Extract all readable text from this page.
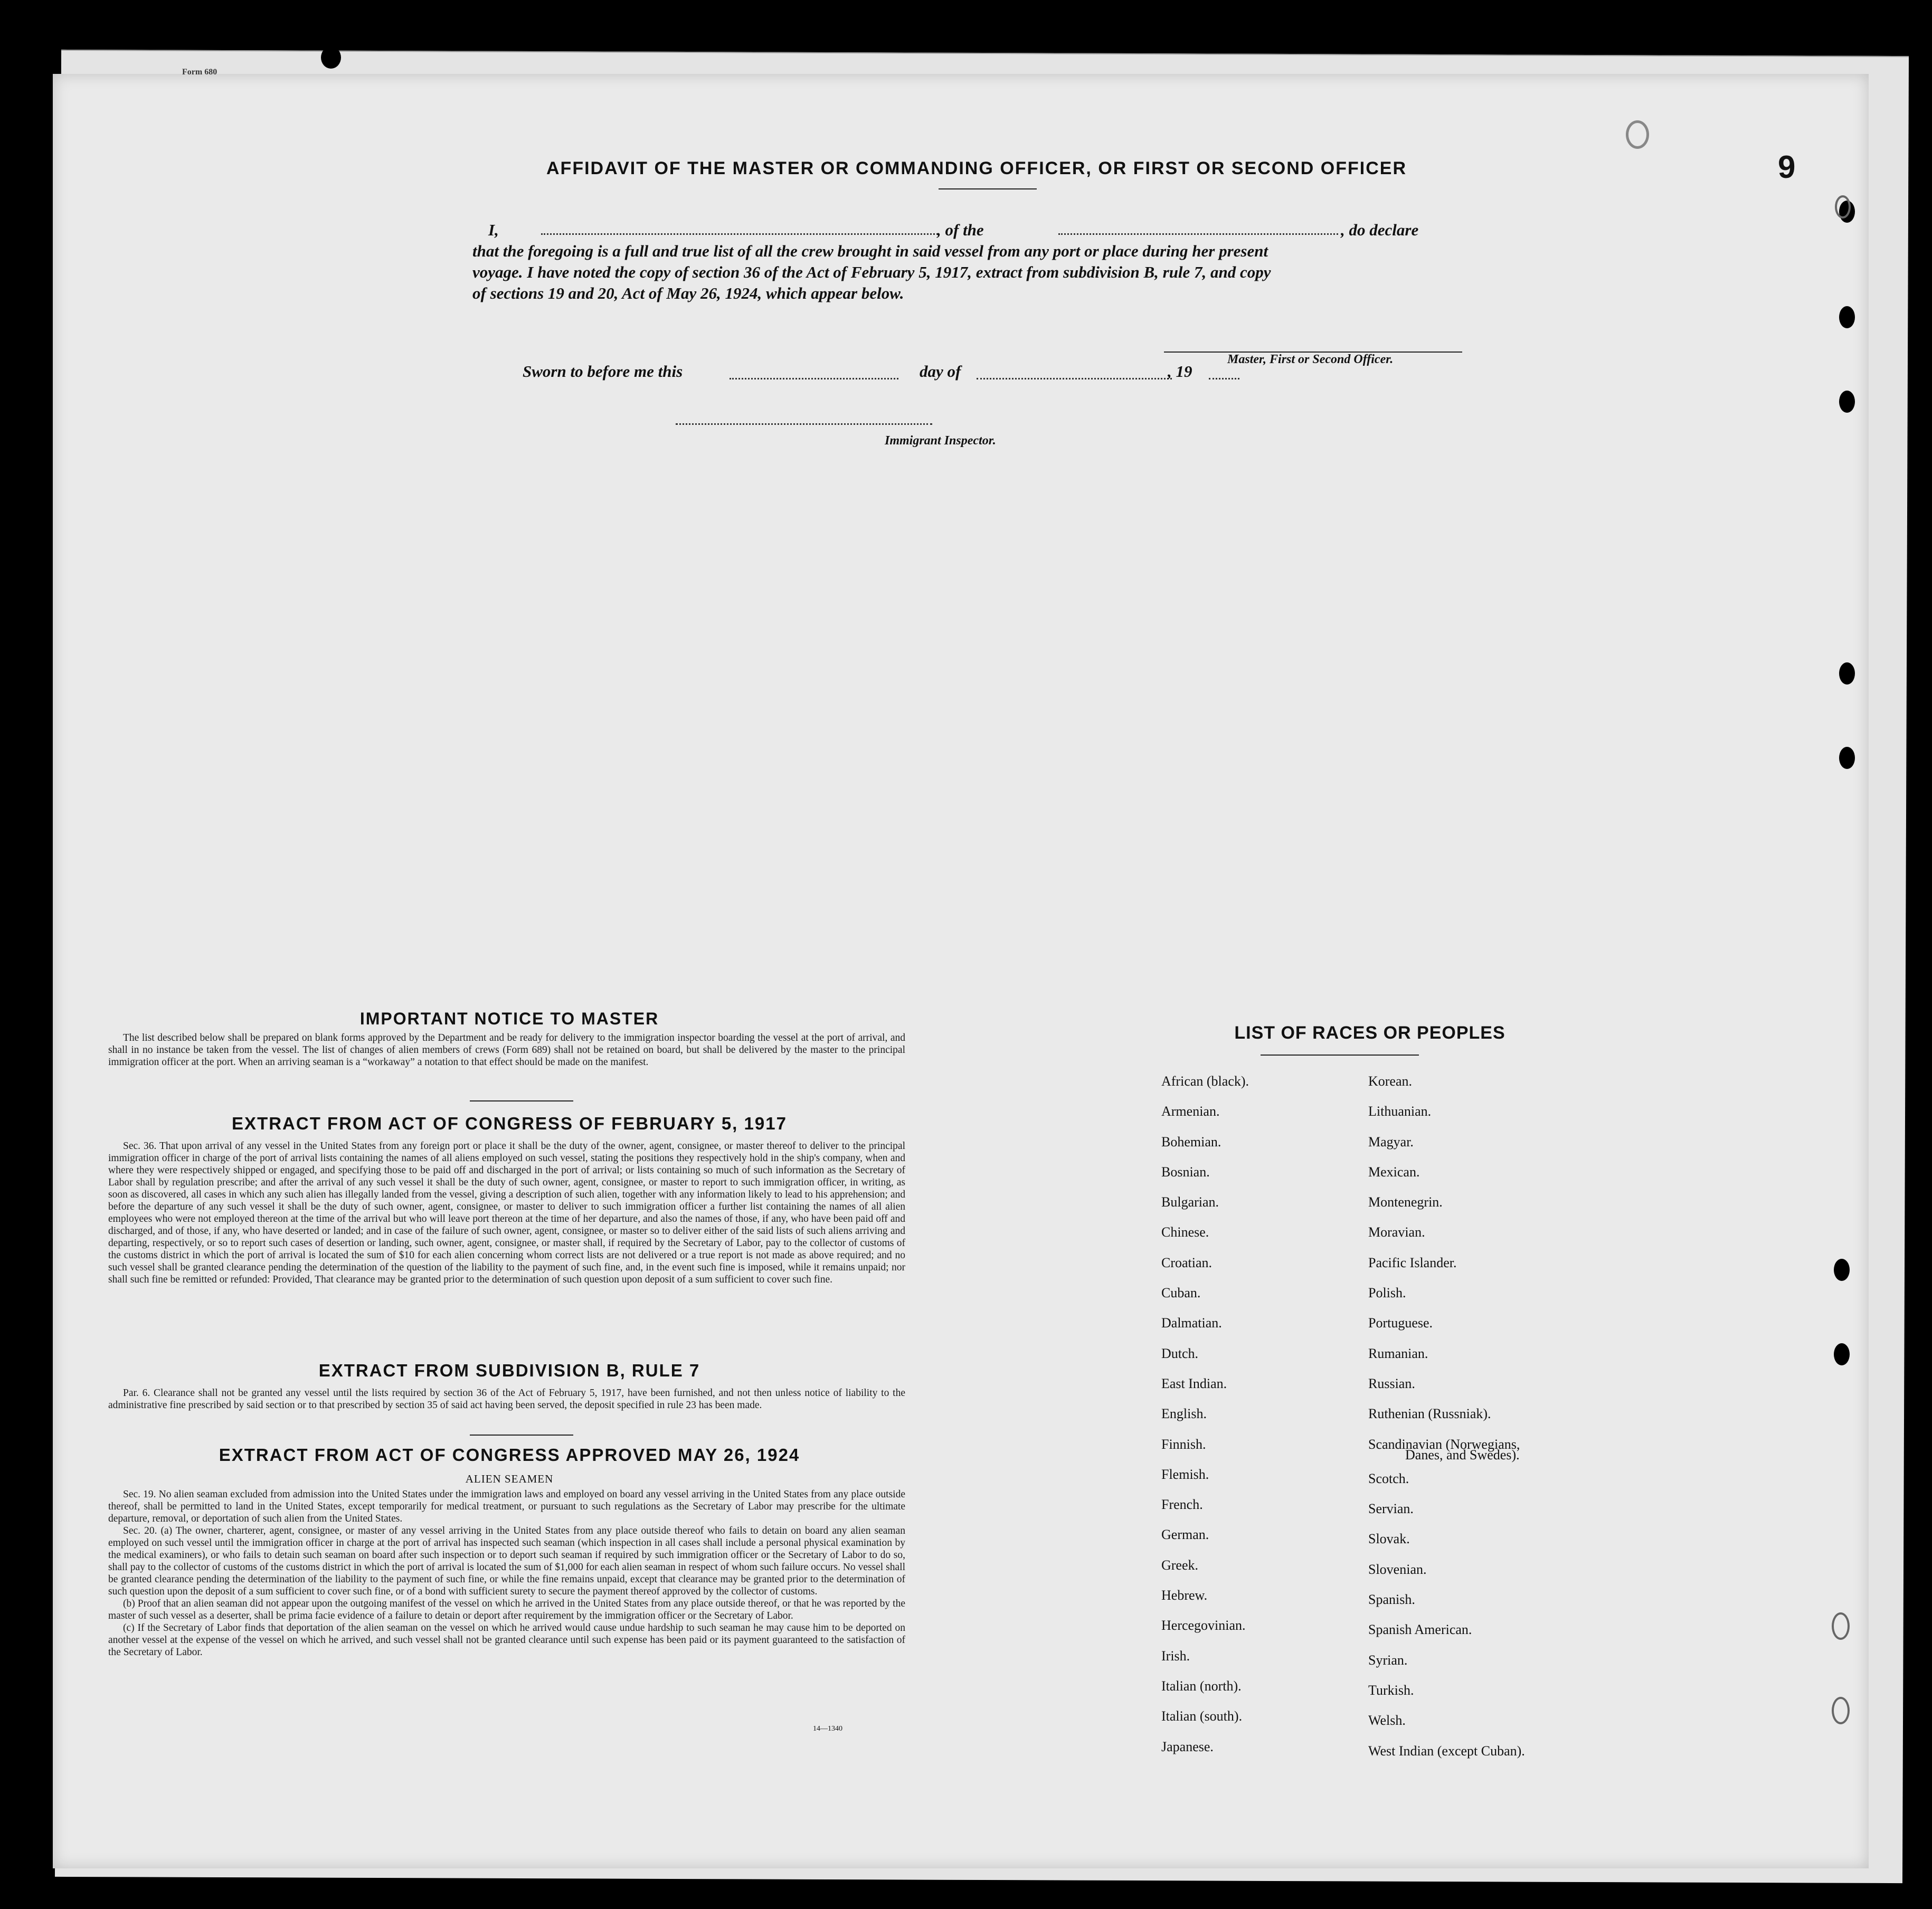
Form 680
9
AFFIDAVIT OF THE MASTER OR COMMANDING OFFICER, OR FIRST OR SECOND OFFICER
I,	, of the	, do declare
that the foregoing is a full and true list of all the crew brought in said vessel from any port or place during her present
voyage. I have noted the copy of section 36 of the Act of February 5, 1917, extract from subdivision B, rule 7, and copy
of sections 19 and 20, Act of May 26, 1924, which appear below.
Master, First or Second Officer.
Sworn to before me this	day of	, 19
Immigrant Inspector.
IMPORTANT NOTICE TO MASTER

The list described below shall be prepared on blank forms approved by the Department and be ready for delivery to the immigration inspector boarding the vessel at the port of arrival, and shall in no instance be taken from the vessel. The list of changes of alien members of crews (Form 689) shall not be retained on board, but shall be delivered by the master to the principal immigration officer at the port. When an arriving seaman is a “workaway” a notation to that effect should be made on the manifest.

EXTRACT FROM ACT OF CONGRESS OF FEBRUARY 5, 1917

Sec. 36. That upon arrival of any vessel in the United States from any foreign port or place it shall be the duty of the owner, agent, consignee, or master thereof to deliver to the principal immigration officer in charge of the port of arrival lists containing the names of all aliens employed on such vessel, stating the positions they respectively hold in the ship's company, when and where they were respectively shipped or engaged, and specifying those to be paid off and discharged in the port of arrival; or lists containing so much of such information as the Secretary of Labor shall by regulation prescribe; and after the arrival of any such vessel it shall be the duty of such owner, agent, consignee, or master to report to such immigration officer, in writing, as soon as discovered, all cases in which any such alien has illegally landed from the vessel, giving a description of such alien, together with any information likely to lead to his apprehension; and before the departure of any such vessel it shall be the duty of such owner, agent, consignee, or master to deliver to such immigration officer a further list containing the names of all alien employees who were not employed thereon at the time of the arrival but who will leave port thereon at the time of her departure, and also the names of those, if any, who have been paid off and discharged, and of those, if any, who have deserted or landed; and in case of the failure of such owner, agent, consignee, or master so to deliver either of the said lists of such aliens arriving and departing, respectively, or so to report such cases of desertion or landing, such owner, agent, consignee, or master shall, if required by the Secretary of Labor, pay to the collector of customs of the customs district in which the port of arrival is located the sum of $10 for each alien concerning whom correct lists are not delivered or a true report is not made as above required; and no such vessel shall be granted clearance pending the determination of the question of the liability to the payment of such fine, and, in the event such fine is imposed, while it remains unpaid; nor shall such fine be remitted or refunded: Provided, That clearance may be granted prior to the determination of such question upon deposit of a sum sufficient to cover such fine.

EXTRACT FROM SUBDIVISION B, RULE 7

Par. 6. Clearance shall not be granted any vessel until the lists required by section 36 of the Act of February 5, 1917, have been furnished, and not then unless notice of liability to the administrative fine prescribed by said section or to that prescribed by section 35 of said act having been served, the deposit specified in rule 23 has been made.

EXTRACT FROM ACT OF CONGRESS APPROVED MAY 26, 1924
ALIEN SEAMEN

Sec. 19. No alien seaman excluded from admission into the United States under the immigration laws and employed on board any vessel arriving in the United States from any place outside thereof, shall be permitted to land in the United States, except temporarily for medical treatment, or pursuant to such regulations as the Secretary of Labor may prescribe for the ultimate departure, removal, or deportation of such alien from the United States.

Sec. 20. (a) The owner, charterer, agent, consignee, or master of any vessel arriving in the United States from any place outside thereof who fails to detain on board any alien seaman employed on such vessel until the immigration officer in charge at the port of arrival has inspected such seaman (which inspection in all cases shall include a personal physical examination by the medical examiners), or who fails to detain such seaman on board after such inspection or to deport such seaman if required by such immigration officer or the Secretary of Labor to do so, shall pay to the collector of customs of the customs district in which the port of arrival is located the sum of $1,000 for each alien seaman in respect of whom such failure occurs. No vessel shall be granted clearance pending the determination of the liability to the payment of such fine, or while the fine remains unpaid, except that clearance may be granted prior to the determination of such question upon the deposit of a sum sufficient to cover such fine, or of a bond with sufficient surety to secure the payment thereof approved by the collector of customs.

(b) Proof that an alien seaman did not appear upon the outgoing manifest of the vessel on which he arrived in the United States from any place outside thereof, or that he was reported by the master of such vessel as a deserter, shall be prima facie evidence of a failure to detain or deport after requirement by the immigration officer or the Secretary of Labor.

(c) If the Secretary of Labor finds that deportation of the alien seaman on the vessel on which he arrived would cause undue hardship to such seaman he may cause him to be deported on another vessel at the expense of the vessel on which he arrived, and such vessel shall not be granted clearance until such expense has been paid or its payment guaranteed to the satisfaction of the Secretary of Labor.

14—1340
LIST OF RACES OR PEOPLES
African (black).
Armenian.
Bohemian.
Bosnian.
Bulgarian.
Chinese.
Croatian.
Cuban.
Dalmatian.
Dutch.
East Indian.
English.
Finnish.
Flemish.
French.
German.
Greek.
Hebrew.
Hercegovinian.
Irish.
Italian (north).
Italian (south).
Japanese.
Korean.
Lithuanian.
Magyar.
Mexican.
Montenegrin.
Moravian.
Pacific Islander.
Polish.
Portuguese.
Rumanian.
Russian.
Ruthenian (Russniak).
Scandinavian (Norwegians,
Scotch.
Servian.
Slovak.
Slovenian.
Spanish.
Spanish American.
Syrian.
Turkish.
Welsh.
West Indian (except Cuban).
Danes, and Swedes).
